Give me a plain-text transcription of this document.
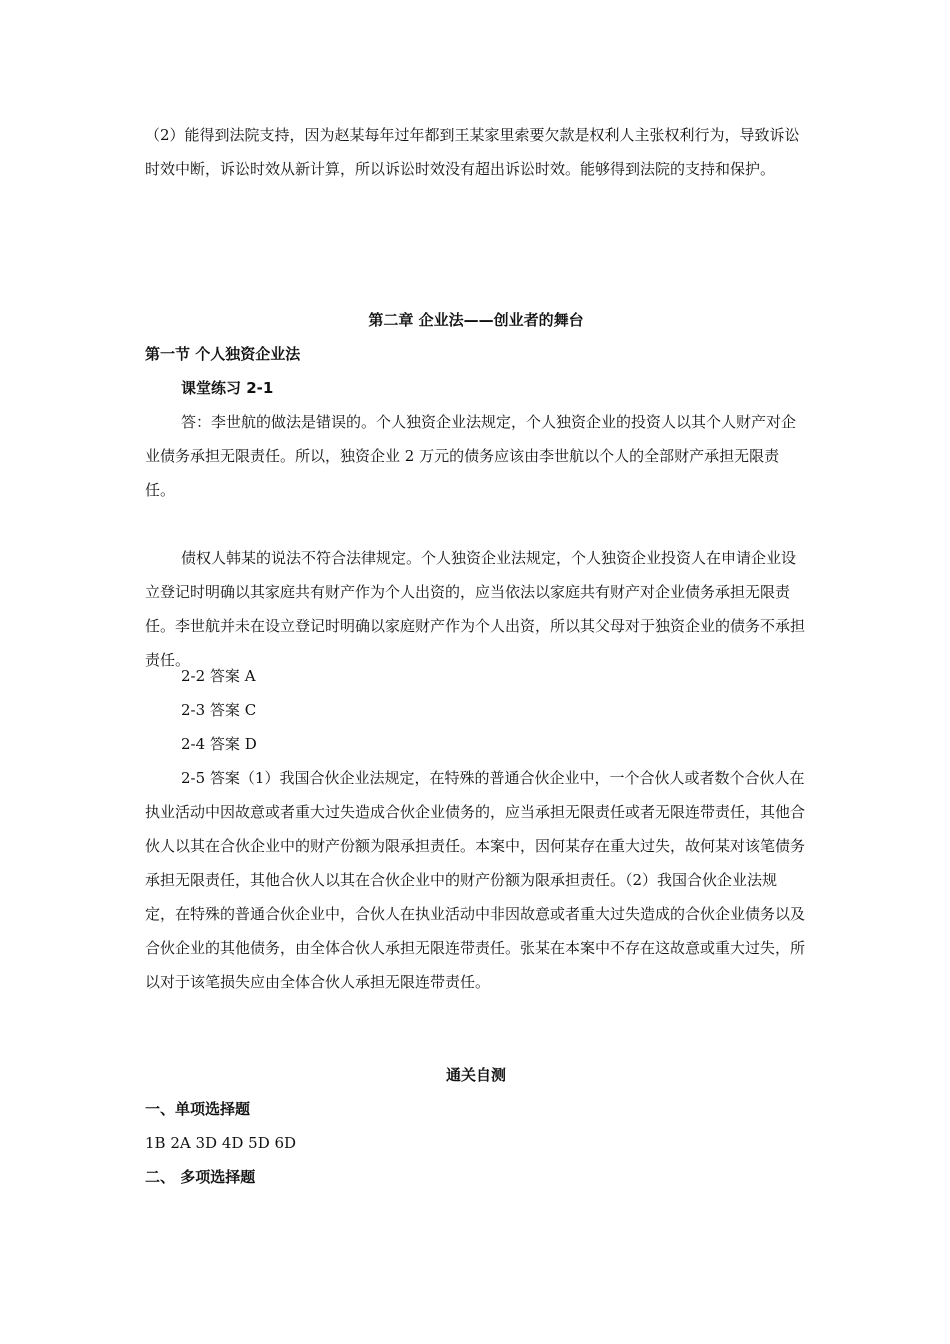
（2）能得到法院支持，因为赵某每年过年都到王某家里索要欠款是权利人主张权利行为，导致诉讼时效中断，诉讼时效从新计算，所以诉讼时效没有超出诉讼时效。能够得到法院的支持和保护。

第二章 企业法——创业者的舞台

第一节 个人独资企业法

课堂练习 2-1

答：李世航的做法是错误的。个人独资企业法规定，个人独资企业的投资人以其个人财产对企业债务承担无限责任。所以，独资企业 2 万元的债务应该由李世航以个人的全部财产承担无限责任。

债权人韩某的说法不符合法律规定。个人独资企业法规定，个人独资企业投资人在申请企业设立登记时明确以其家庭共有财产作为个人出资的，应当依法以家庭共有财产对企业债务承担无限责任。李世航并未在设立登记时明确以家庭财产作为个人出资，所以其父母对于独资企业的债务不承担责任。

2-2 答案 A

2-3 答案 C

2-4 答案 D

2-5 答案（1）我国合伙企业法规定，在特殊的普通合伙企业中，一个合伙人或者数个合伙人在执业活动中因故意或者重大过失造成合伙企业债务的，应当承担无限责任或者无限连带责任，其他合伙人以其在合伙企业中的财产份额为限承担责任。本案中，因何某存在重大过失，故何某对该笔债务承担无限责任，其他合伙人以其在合伙企业中的财产份额为限承担责任。（2）我国合伙企业法规定，在特殊的普通合伙企业中，合伙人在执业活动中非因故意或者重大过失造成的合伙企业债务以及合伙企业的其他债务，由全体合伙人承担无限连带责任。张某在本案中不存在这故意或重大过失，所以对于该笔损失应由全体合伙人承担无限连带责任。

通关自测

一、单项选择题

1B 2A 3D 4D 5D 6D

二、 多项选择题
